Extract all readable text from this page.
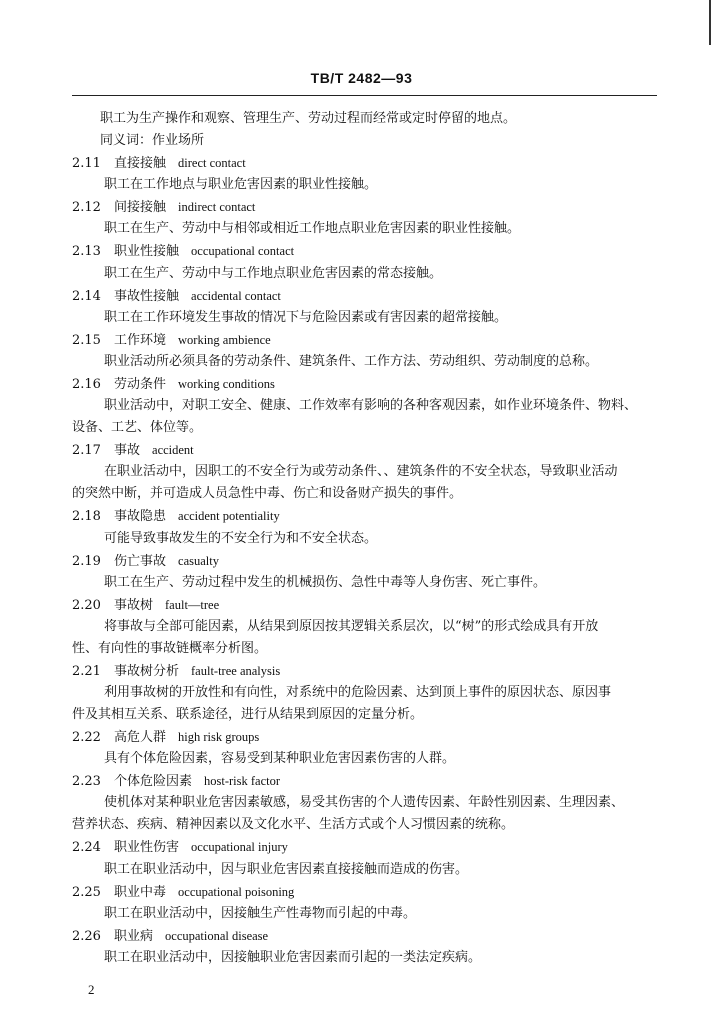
TB/T 2482—93
职工为生产操作和观察、管理生产、劳动过程而经常或定时停留的地点。
同义词：作业场所
2.11 直接接触 direct contact
职工在工作地点与职业危害因素的职业性接触。
2.12 间接接触 indirect contact
职工在生产、劳动中与相邻或相近工作地点职业危害因素的职业性接触。
2.13 职业性接触 occupational contact
职工在生产、劳动中与工作地点职业危害因素的常态接触。
2.14 事故性接触 accidental contact
职工在工作环境发生事故的情况下与危险因素或有害因素的超常接触。
2.15 工作环境 working ambience
职业活动所必须具备的劳动条件、建筑条件、工作方法、劳动组织、劳动制度的总称。
2.16 劳动条件 working conditions
职业活动中，对职工安全、健康、工作效率有影响的各种客观因素，如作业环境条件、物料、
设备、工艺、体位等。
2.17 事故 accident
在职业活动中，因职工的不安全行为或劳动条件、、建筑条件的不安全状态，导致职业活动
的突然中断，并可造成人员急性中毒、伤亡和设备财产损失的事件。
2.18 事故隐患 accident potentiality
可能导致事故发生的不安全行为和不安全状态。
2.19 伤亡事故 casualty
职工在生产、劳动过程中发生的机械损伤、急性中毒等人身伤害、死亡事件。
2.20 事故树 fault—tree
将事故与全部可能因素，从结果到原因按其逻辑关系层次，以“树”的形式绘成具有开放
性、有向性的事故链概率分析图。
2.21 事故树分析 fault-tree analysis
利用事故树的开放性和有向性，对系统中的危险因素、达到顶上事件的原因状态、原因事
件及其相互关系、联系途径，进行从结果到原因的定量分析。
2.22 高危人群 high risk groups
具有个体危险因素，容易受到某种职业危害因素伤害的人群。
2.23 个体危险因素 host-risk factor
使机体对某种职业危害因素敏感，易受其伤害的个人遗传因素、年龄性别因素、生理因素、
营养状态、疾病、精神因素以及文化水平、生活方式或个人习惯因素的统称。
2.24 职业性伤害 occupational injury
职工在职业活动中，因与职业危害因素直接接触而造成的伤害。
2.25 职业中毒 occupational poisoning
职工在职业活动中，因接触生产性毒物而引起的中毒。
2.26 职业病 occupational disease
职工在职业活动中，因接触职业危害因素而引起的一类法定疾病。
2
